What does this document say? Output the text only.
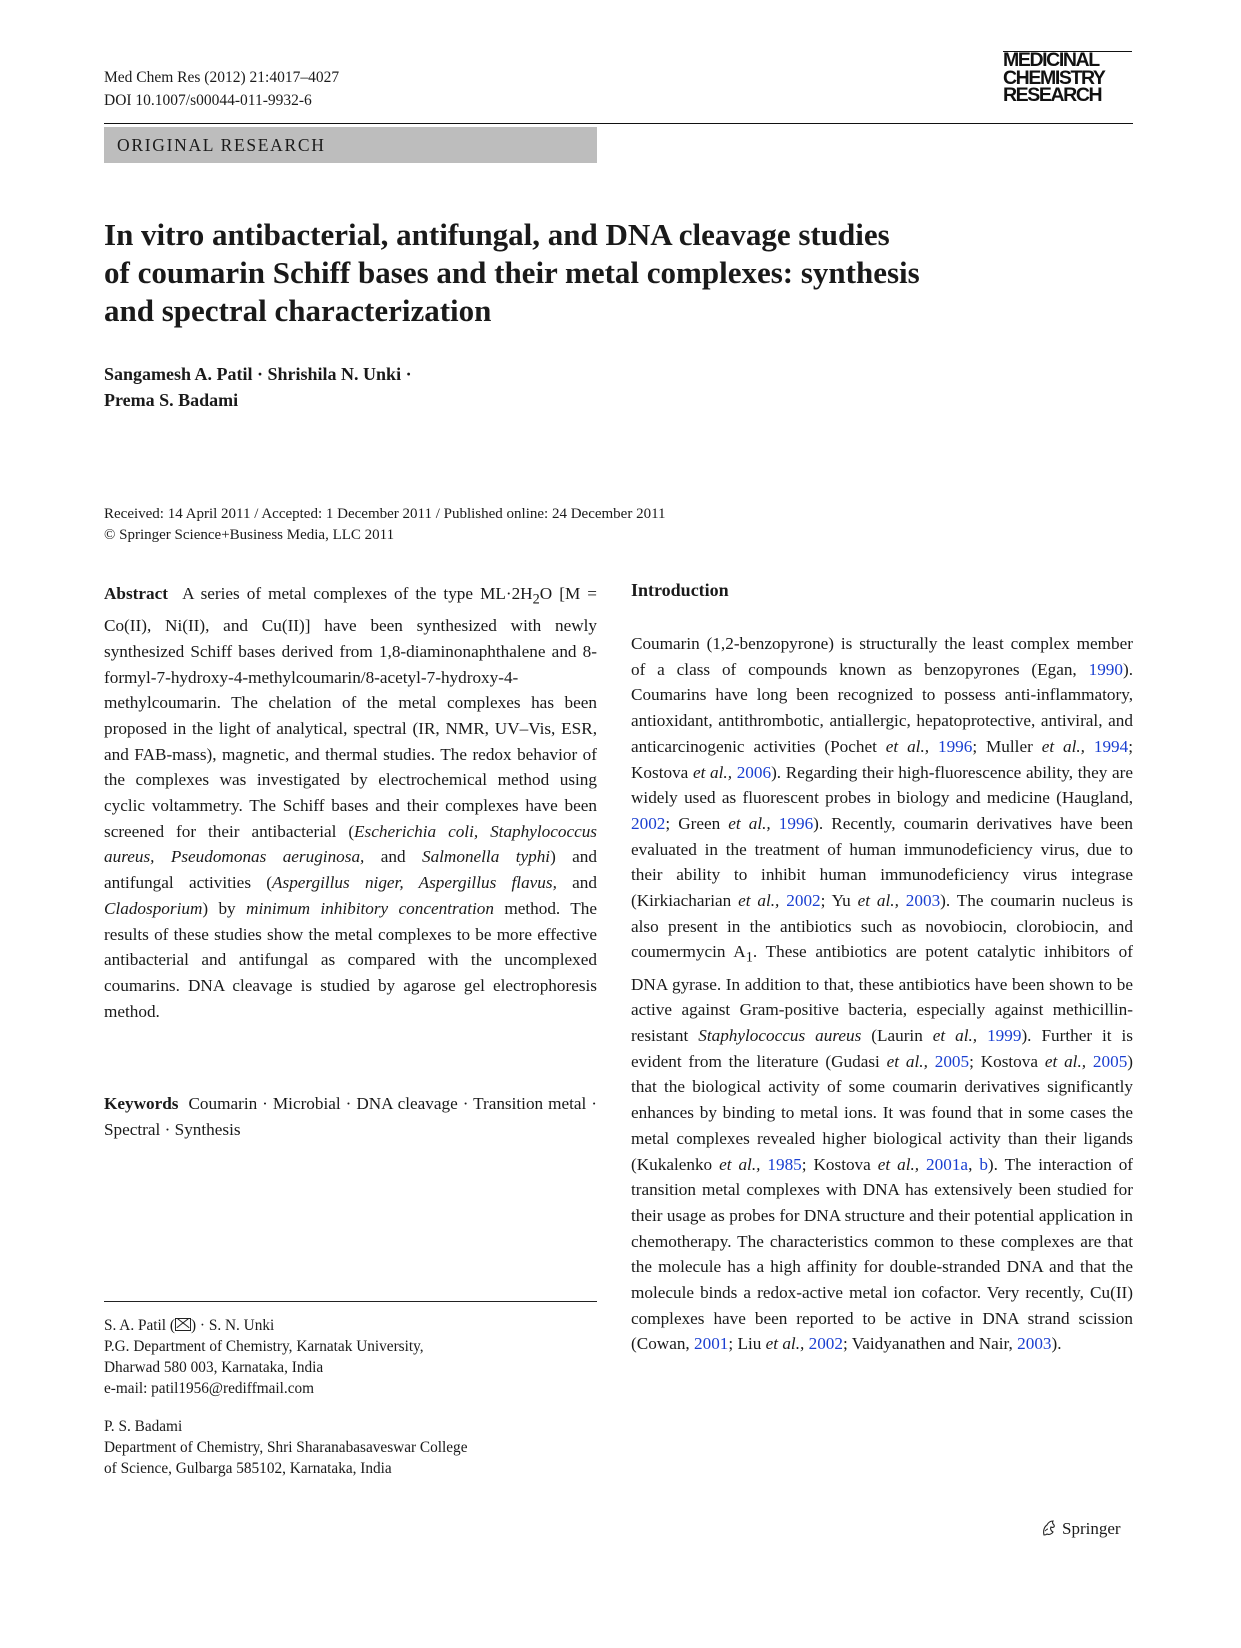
Med Chem Res (2012) 21:4017–4027
DOI 10.1007/s00044-011-9932-6
MEDICINAL
CHEMISTRY
RESEARCH
ORIGINAL RESEARCH
In vitro antibacterial, antifungal, and DNA cleavage studies
of coumarin Schiff bases and their metal complexes: synthesis
and spectral characterization
Sangamesh A. Patil · Shrishila N. Unki ·
Prema S. Badami
Received: 14 April 2011 / Accepted: 1 December 2011 / Published online: 24 December 2011
© Springer Science+Business Media, LLC 2011
Abstract A series of metal complexes of the type $ML\cdot 2H_2O$ [M = Co(II), Ni(II), and Cu(II)] have been synthesized with newly synthesized Schiff bases derived from 1,8-diaminonaphthalene and 8-formyl-7-hydroxy-4-methylcoumarin/8-acetyl-7-hydroxy-4-methylcoumarin. The chelation of the metal complexes has been proposed in the light of analytical, spectral (IR, NMR, UV–Vis, ESR, and FAB-mass), magnetic, and thermal studies. The redox behavior of the complexes was investigated by electrochemical method using cyclic voltammetry. The Schiff bases and their complexes have been screened for their antibacterial (Escherichia coli, Staphylococcus aureus, Pseudomonas aeruginosa, and Salmonella typhi) and antifungal activities (Aspergillus niger, Aspergillus flavus, and Cladosporium) by minimum inhibitory concentration method. The results of these studies show the metal complexes to be more effective antibacterial and antifungal as compared with the uncomplexed coumarins. DNA cleavage is studied by agarose gel electrophoresis method.
Keywords Coumarin · Microbial · DNA cleavage · Transition metal · Spectral · Synthesis
S. A. Patil ( ) · S. N. Unki
P.G. Department of Chemistry, Karnatak University,
Dharwad 580 003, Karnataka, India
e-mail: patil1956@rediffmail.com
P. S. Badami
Department of Chemistry, Shri Sharanabasaveswar College
of Science, Gulbarga 585102, Karnataka, India
Introduction
Coumarin (1,2-benzopyrone) is structurally the least complex member of a class of compounds known as benzopyrones (Egan, 1990). Coumarins have long been recognized to possess anti-inflammatory, antioxidant, antithrombotic, antiallergic, hepatoprotective, antiviral, and anticarcinogenic activities (Pochet et al., 1996; Muller et al., 1994; Kostova et al., 2006). Regarding their high-fluorescence ability, they are widely used as fluorescent probes in biology and medicine (Haugland, 2002; Green et al., 1996). Recently, coumarin derivatives have been evaluated in the treatment of human immunodeficiency virus, due to their ability to inhibit human immunodeficiency virus integrase (Kirkiacharian et al., 2002; Yu et al., 2003). The coumarin nucleus is also present in the antibiotics such as novobiocin, clorobiocin, and coumermycin $A_1$. These antibiotics are potent catalytic inhibitors of DNA gyrase. In addition to that, these antibiotics have been shown to be active against Gram-positive bacteria, especially against methicillin-resistant Staphylococcus aureus (Laurin et al., 1999). Further it is evident from the literature (Gudasi et al., 2005; Kostova et al., 2005) that the biological activity of some coumarin derivatives significantly enhances by binding to metal ions. It was found that in some cases the metal complexes revealed higher biological activity than their ligands (Kukalenko et al., 1985; Kostova et al., 2001a, b). The interaction of transition metal complexes with DNA has extensively been studied for their usage as probes for DNA structure and their potential application in chemotherapy. The characteristics common to these complexes are that the molecule has a high affinity for double-stranded DNA and that the molecule binds a redox-active metal ion cofactor. Very recently, Cu(II) complexes have been reported to be active in DNA strand scission (Cowan, 2001; Liu et al., 2002; Vaidyanathen and Nair, 2003).
Springer
